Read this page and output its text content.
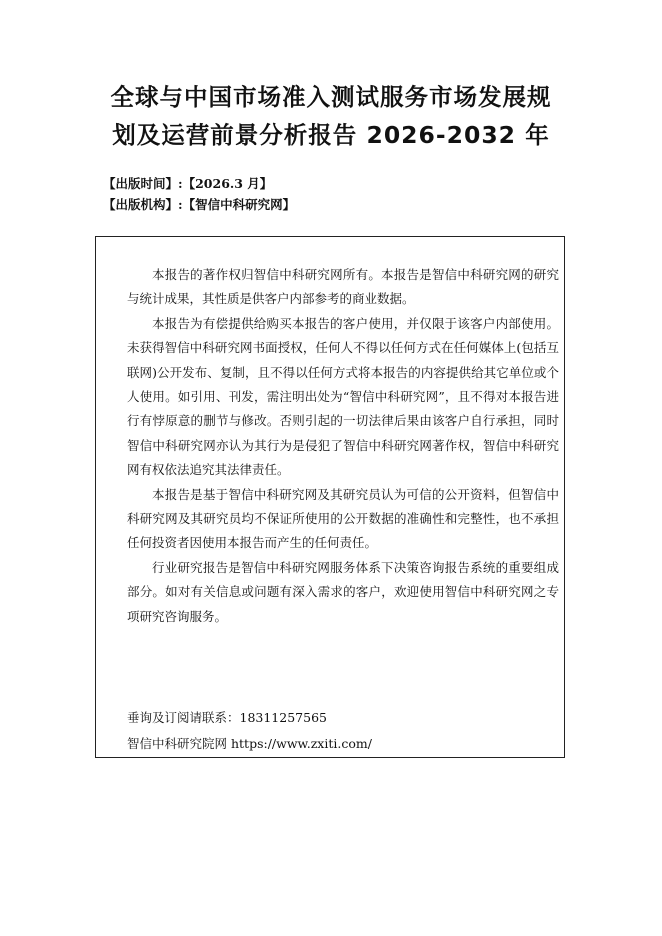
全球与中国市场准入测试服务市场发展规
划及运营前景分析报告 2026-2032 年
【出版时间】:【2026.3 月】
【出版机构】:【智信中科研究网】

本报告的著作权归智信中科研究网所有。本报告是智信中科研究网的研究与统计成果，其性质是供客户内部参考的商业数据。

本报告为有偿提供给购买本报告的客户使用，并仅限于该客户内部使用。未获得智信中科研究网书面授权，任何人不得以任何方式在任何媒体上(包括互联网)公开发布、复制，且不得以任何方式将本报告的内容提供给其它单位或个人使用。如引用、刊发，需注明出处为“智信中科研究网”，且不得对本报告进行有悖原意的删节与修改。否则引起的一切法律后果由该客户自行承担，同时智信中科研究网亦认为其行为是侵犯了智信中科研究网著作权，智信中科研究网有权依法追究其法律责任。

本报告是基于智信中科研究网及其研究员认为可信的公开资料，但智信中科研究网及其研究员均不保证所使用的公开数据的准确性和完整性，也不承担任何投资者因使用本报告而产生的任何责任。

行业研究报告是智信中科研究网服务体系下决策咨询报告系统的重要组成部分。如对有关信息或问题有深入需求的客户，欢迎使用智信中科研究网之专项研究咨询服务。

垂询及订阅请联系：18311257565
智信中科研究院网 https://www.zxiti.com/
